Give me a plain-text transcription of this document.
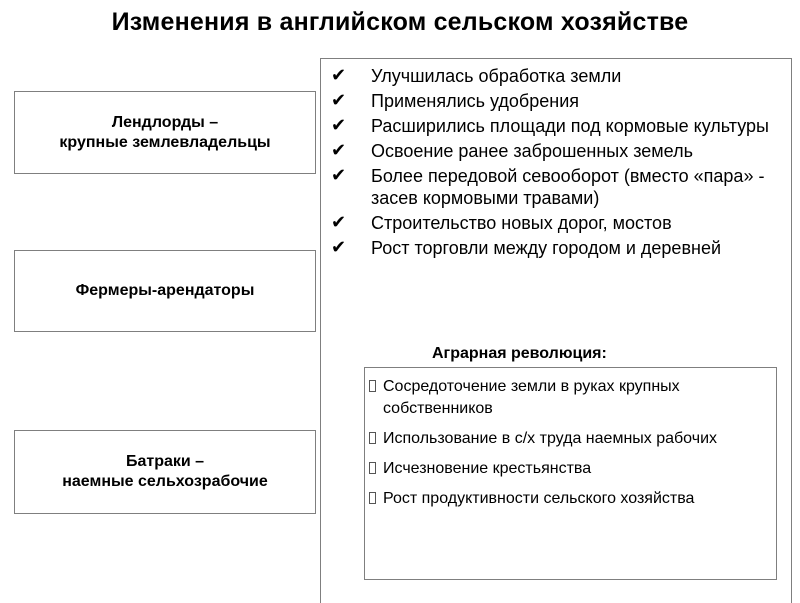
Изменения в английском сельском хозяйстве
Лендлорды –
крупные землевладельцы
Фермеры-арендаторы
Батраки –
наемные сельхозрабочие
✔ Улучшилась обработка земли
✔ Применялись удобрения
✔ Расширились площади под кормовые культуры
✔ Освоение ранее заброшенных земель
✔ Более передовой севооборот (вместо «пара» - засев кормовыми травами)
✔ Строительство новых дорог, мостов
✔ Рост торговли между городом и деревней
Аграрная революция:
Сосредоточение земли в руках крупных собственников
Использование в с/х труда наемных рабочих
Исчезновение крестьянства
Рост продуктивности сельского хозяйства
